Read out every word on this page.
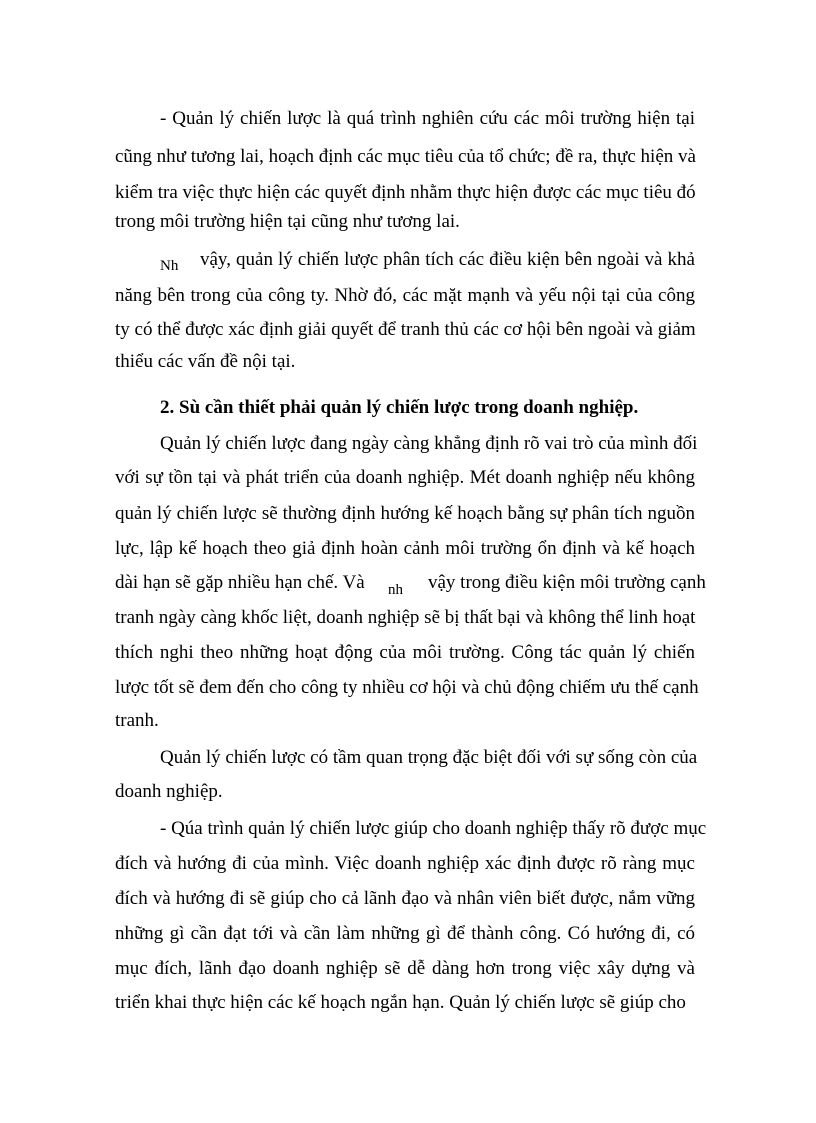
- Quản lý chiến lược là quá trình nghiên cứu các môi trường hiện tại
cũng như tương lai, hoạch định các mục tiêu của tổ chức; đề ra, thực hiện và
kiểm tra việc thực hiện các quyết định nhằm thực hiện được các mục tiêu đó
trong môi trường hiện tại cũng như tương lai.
Nh vậy, quản lý chiến lược phân tích các điều kiện bên ngoài và khả
năng bên trong của công ty. Nhờ đó, các mặt mạnh và yếu nội tại của công
ty có thể được xác định giải quyết để tranh thủ các cơ hội bên ngoài và giảm
thiểu các vấn đề nội tại.
2. Sù cần thiết phải quản lý chiến lược trong doanh nghiệp.
Quản lý chiến lược đang ngày càng khẳng định rõ vai trò của mình đối
với sự tồn tại và phát triển của doanh nghiệp. Mét doanh nghiệp nếu không
quản lý chiến lược sẽ thường định hướng kế hoạch bằng sự phân tích nguồn
lực, lập kế hoạch theo giả định hoàn cảnh môi trường ổn định và kế hoạch
dài hạn sẽ gặp nhiều hạn chế. Và nh vậy trong điều kiện môi trường cạnh
tranh ngày càng khốc liệt, doanh nghiệp sẽ bị thất bại và không thể linh hoạt
thích nghi theo những hoạt động của môi trường. Công tác quản lý chiến
lược tốt sẽ đem đến cho công ty nhiều cơ hội và chủ động chiếm ưu thế cạnh
tranh.
Quản lý chiến lược có tầm quan trọng đặc biệt đối với sự sống còn của
doanh nghiệp.
- Qúa trình quản lý chiến lược giúp cho doanh nghiệp thấy rõ được mục
đích và hướng đi của mình. Việc doanh nghiệp xác định được rõ ràng mục
đích và hướng đi sẽ giúp cho cả lãnh đạo và nhân viên biết được, nắm vững
những gì cần đạt tới và cần làm những gì để thành công. Có hướng đi, có
mục đích, lãnh đạo doanh nghiệp sẽ dễ dàng hơn trong việc xây dựng và
triển khai thực hiện các kế hoạch ngắn hạn. Quản lý chiến lược sẽ giúp cho
